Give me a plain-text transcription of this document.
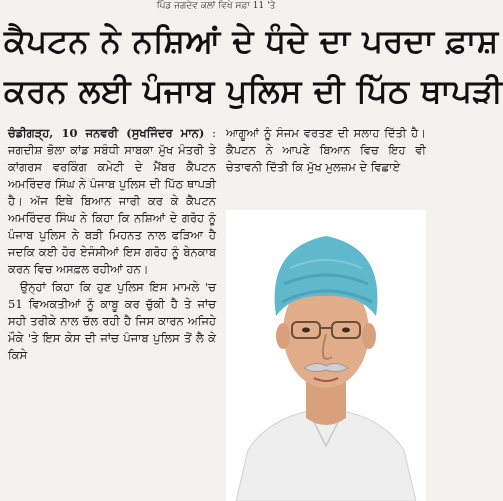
ਪਿੰਡ ਜਗਦੇਵ ਕਲਾਂ ਵਿਖੇ ਸਫ਼ਾ 11 'ਤੇ
ਕੈਪਟਨ ਨੇ ਨਸ਼ਿਆਂ ਦੇ ਧੰਦੇ ਦਾ ਪਰਦਾ ਫ਼ਾਸ਼
ਕਰਨ ਲਈ ਪੰਜਾਬ ਪੁਲਿਸ ਦੀ ਪਿੱਠ ਥਾਪੜੀ

ਚੰਡੀਗੜ੍ਹ, 10 ਜਨਵਰੀ (ਸੁਖਜਿੰਦਰ ਮਾਨ) : ਜਗਦੀਸ਼ ਭੋਲਾ ਕਾਂਡ ਸਬੰਧੀ ਸਾਬਕਾ ਮੁੱਖ ਮੰਤਰੀ ਤੇ ਕਾਂਗਰਸ ਵਰਕਿੰਗ ਕਮੇਟੀ ਦੇ ਮੈਂਬਰ ਕੈਪਟਨ ਅਮਰਿੰਦਰ ਸਿੰਘ ਨੇ ਪੰਜਾਬ ਪੁਲਿਸ ਦੀ ਪਿੱਠ ਥਾਪੜੀ ਹੈ। ਅੱਜ ਇਥੇ ਬਿਆਨ ਜਾਰੀ ਕਰ ਕੇ ਕੈਪਟਨ ਅਮਰਿੰਦਰ ਸਿੰਘ ਨੇ ਕਿਹਾ ਕਿ ਨਸ਼ਿਆਂ ਦੇ ਗਰੋਹ ਨੂੰ ਪੰਜਾਬ ਪੁਲਿਸ ਨੇ ਬੜੀ ਮਿਹਨਤ ਨਾਲ ਫੜਿਆ ਹੈ ਜਦਕਿ ਕਈ ਹੋਰ ਏਜੰਸੀਆਂ ਇਸ ਗਰੋਹ ਨੂੰ ਬੇਨਕਾਬ ਕਰਨ ਵਿਚ ਅਸਫ਼ਲ ਰਹੀਆਂ ਹਨ।

ਉਨ੍ਹਾਂ ਕਿਹਾ ਕਿ ਹੁਣ ਪੁਲਿਸ ਇਸ ਮਾਮਲੇ 'ਚ 51 ਵਿਅਕਤੀਆਂ ਨੂੰ ਕਾਬੂ ਕਰ ਚੁੱਕੀ ਹੈ ਤੇ ਜਾਂਚ ਸਹੀ ਤਰੀਕੇ ਨਾਲ ਚੱਲ ਰਹੀ ਹੈ ਜਿਸ ਕਾਰਨ ਅਜਿਹੇ ਮੌਕੇ 'ਤੇ ਇਸ ਕੇਸ ਦੀ ਜਾਂਚ ਪੰਜਾਬ ਪੁਲਿਸ ਤੋਂ ਲੈ ਕੇ ਕਿਸੇ

ਆਗੂਆਂ ਨੂੰ ਸੰਜਮ ਵਰਤਣ ਦੀ ਸਲਾਹ ਦਿੱਤੀ ਹੈ। ਕੈਪਟਨ ਨੇ ਆਪਣੇ ਬਿਆਨ ਵਿਚ ਇਹ ਵੀ ਚੇਤਾਵਨੀ ਦਿੱਤੀ ਕਿ ਮੁੱਖ ਮੁਲਜ਼ਮ ਦੇ ਵਿਛਾਏ
